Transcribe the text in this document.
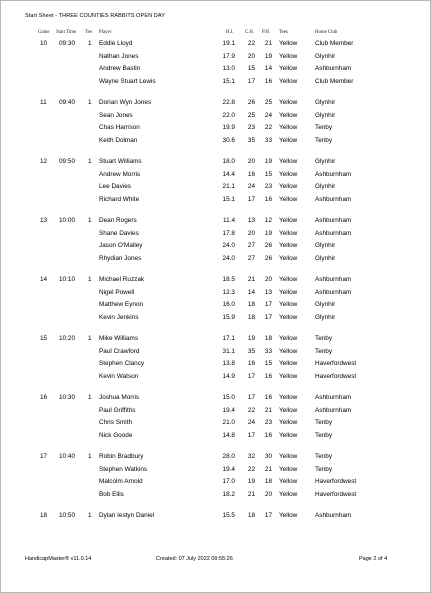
Start Sheet - THREE COUNTIES RABBITS OPEN DAY
Game Start Time Tee Player	H.I. C.H. P.H. Tees	Home Club
10 09:30 1 Eddie Lloyd	19.1	22	21 Yellow	Club Member
Nathan Jones	17.9	20	19 Yellow	Glynhir
Andrew Bastin	13.0	15	14 Yellow	Ashburnham
Wayne Stuart Lewis	15.1	17	16 Yellow	Club Member
11 09:40 1 Dorian Wyn Jones	22.8	26	25 Yellow	Glynhir
Sean Jones	22.0	25	24 Yellow	Glynhir
Chas Harrison	19.9	23	22 Yellow	Tenby
Keith Dolman	30.6	35	33 Yellow	Tenby
12 09:50 1 Stuart Williams	18.0	20	19 Yellow	Glynhir
Andrew Morris	14.4	16	15 Yellow	Ashburnham
Lee Davies	21.1	24	23 Yellow	Glynhir
Richard White	15.1	17	16 Yellow	Ashburnham
13 10:00 1 Dean Rogers	11.4	13	12 Yellow	Ashburnham
Shane Davies	17.8	20	19 Yellow	Ashburnham
Jason O'Malley	24.0	27	26 Yellow	Glynhir
Rhydian Jones	24.0	27	26 Yellow	Glynhir
14 10:10 1 Michael Ruzzak	18.5	21	20 Yellow	Ashburnham
Nigel Powell	12.3	14	13 Yellow	Ashburnham
Matthew Eynon	16.0	18	17 Yellow	Glynhir
Kevin Jenkins	15.9	18	17 Yellow	Glynhir
15 10:20 1 Mike Williams	17.1	19	18 Yellow	Tenby
Paul Crawford	31.1	35	33 Yellow	Tenby
Stephen Clancy	13.8	16	15 Yellow	Haverfordwest
Kevin Watson	14.9	17	16 Yellow	Haverfordwest
16 10:30 1 Joshua Morris	15.0	17	16 Yellow	Ashburnham
Paul Griffiths	19.4	22	21 Yellow	Ashburnham
Chris Smith	21.0	24	23 Yellow	Tenby
Nick Goode	14.8	17	16 Yellow	Tenby
17 10:40 1 Robin Bradbury	28.0	32	30 Yellow	Tenby
Stephen Watkins	19.4	22	21 Yellow	Tenby
Malcolm Arnold	17.0	19	18 Yellow	Haverfordwest
Bob Ellis	18.2	21	20 Yellow	Haverfordwest
18 10:50 1 Dylan Iestyn Daniel	15.5	18	17 Yellow	Ashburnham
HandicapMaster® v11.0.14	Created: 07 July 2022 09:55:26	Page 2 of 4
